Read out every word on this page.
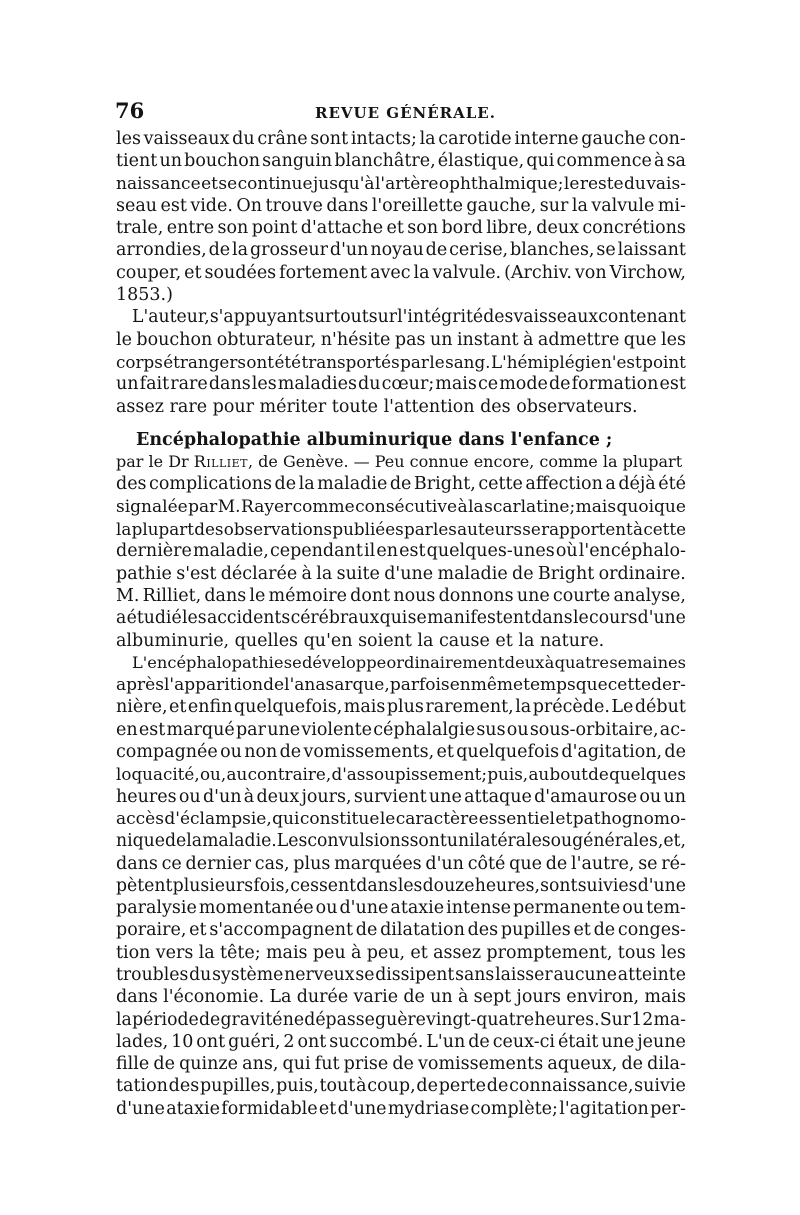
76	REVUE GÉNÉRALE.
les vaisseaux du crâne sont intacts; la carotide interne gauche con-
tient un bouchon sanguin blanchâtre, élastique, qui commence à sa
naissance et se continue jusqu'à l'artère ophthalmique; le reste du vais-
seau est vide. On trouve dans l'oreillette gauche, sur la valvule mi-
trale, entre son point d'attache et son bord libre, deux concrétions
arrondies, de la grosseur d'un noyau de cerise, blanches, se laissant
couper, et soudées fortement avec la valvule. (Archiv. von Virchow,
1853.)
L'auteur, s'appuyant surtout sur l'intégrité des vaisseaux contenant
le bouchon obturateur, n'hésite pas un instant à admettre que les
corps étrangers ont été transportés par le sang. L'hémiplégie n'est point
un fait rare dans les maladies du cœur; mais ce mode de formation est
assez rare pour mériter toute l'attention des observateurs.
Encéphalopathie albuminurique dans l'enfance ;
par le Dr
Rilliet , de Genève. — Peu connue encore, comme la plupart
des complications de la maladie de Bright, cette affection a déjà été
signalée par M. Rayer comme consécutive à la scarlatine; mais quoique
la plupart des observations publiées par les auteurs se rapportent à cette
dernière maladie, cependant il en est quelques-unes où l'encéphalo-
pathie s'est déclarée à la suite d'une maladie de Bright ordinaire.
M. Rilliet, dans le mémoire dont nous donnons une courte analyse,
a étudié les accidents cérébraux qui se manifestent dans le cours d'une
albuminurie, quelles qu'en soient la cause et la nature.
L'encéphalopathie se développe ordinairement deux à quatre semaines
après l'apparition de l'anasarque, parfois en même temps que cette der-
nière, et enfin quelquefois, mais plus rarement, la précède. Le début
en est marqué par une violente céphalalgie sus ou sous-orbitaire, ac-
compagnée ou non de vomissements, et quelquefois d'agitation, de
loquacité, ou, au contraire, d'assoupissement; puis, au bout de quelques
heures ou d'un à deux jours, survient une attaque d'amaurose ou un
accès d'éclampsie, qui constitue le caractère essentiel et pathognomo-
nique de la maladie. Les convulsions sont unilatérales ou générales, et,
dans ce dernier cas, plus marquées d'un côté que de l'autre, se ré-
pètent plusieurs fois, cessent dans les douze heures, sont suivies d'une
paralysie momentanée ou d'une ataxie intense permanente ou tem-
poraire, et s'accompagnent de dilatation des pupilles et de conges-
tion vers la tête; mais peu à peu, et assez promptement, tous les
troubles du système nerveux se dissipent sans laisser aucune atteinte
dans l'économie. La durée varie de un à sept jours environ, mais
la période de gravité ne dépasse guère vingt-quatre heures. Sur 12 ma-
lades, 10 ont guéri, 2 ont succombé. L'un de ceux-ci était une jeune
fille de quinze ans, qui fut prise de vomissements aqueux, de dila-
tation des pupilles, puis, tout à coup, de perte de connaissance, suivie
d'une ataxie formidable et d'une mydriase complète; l'agitation per-
